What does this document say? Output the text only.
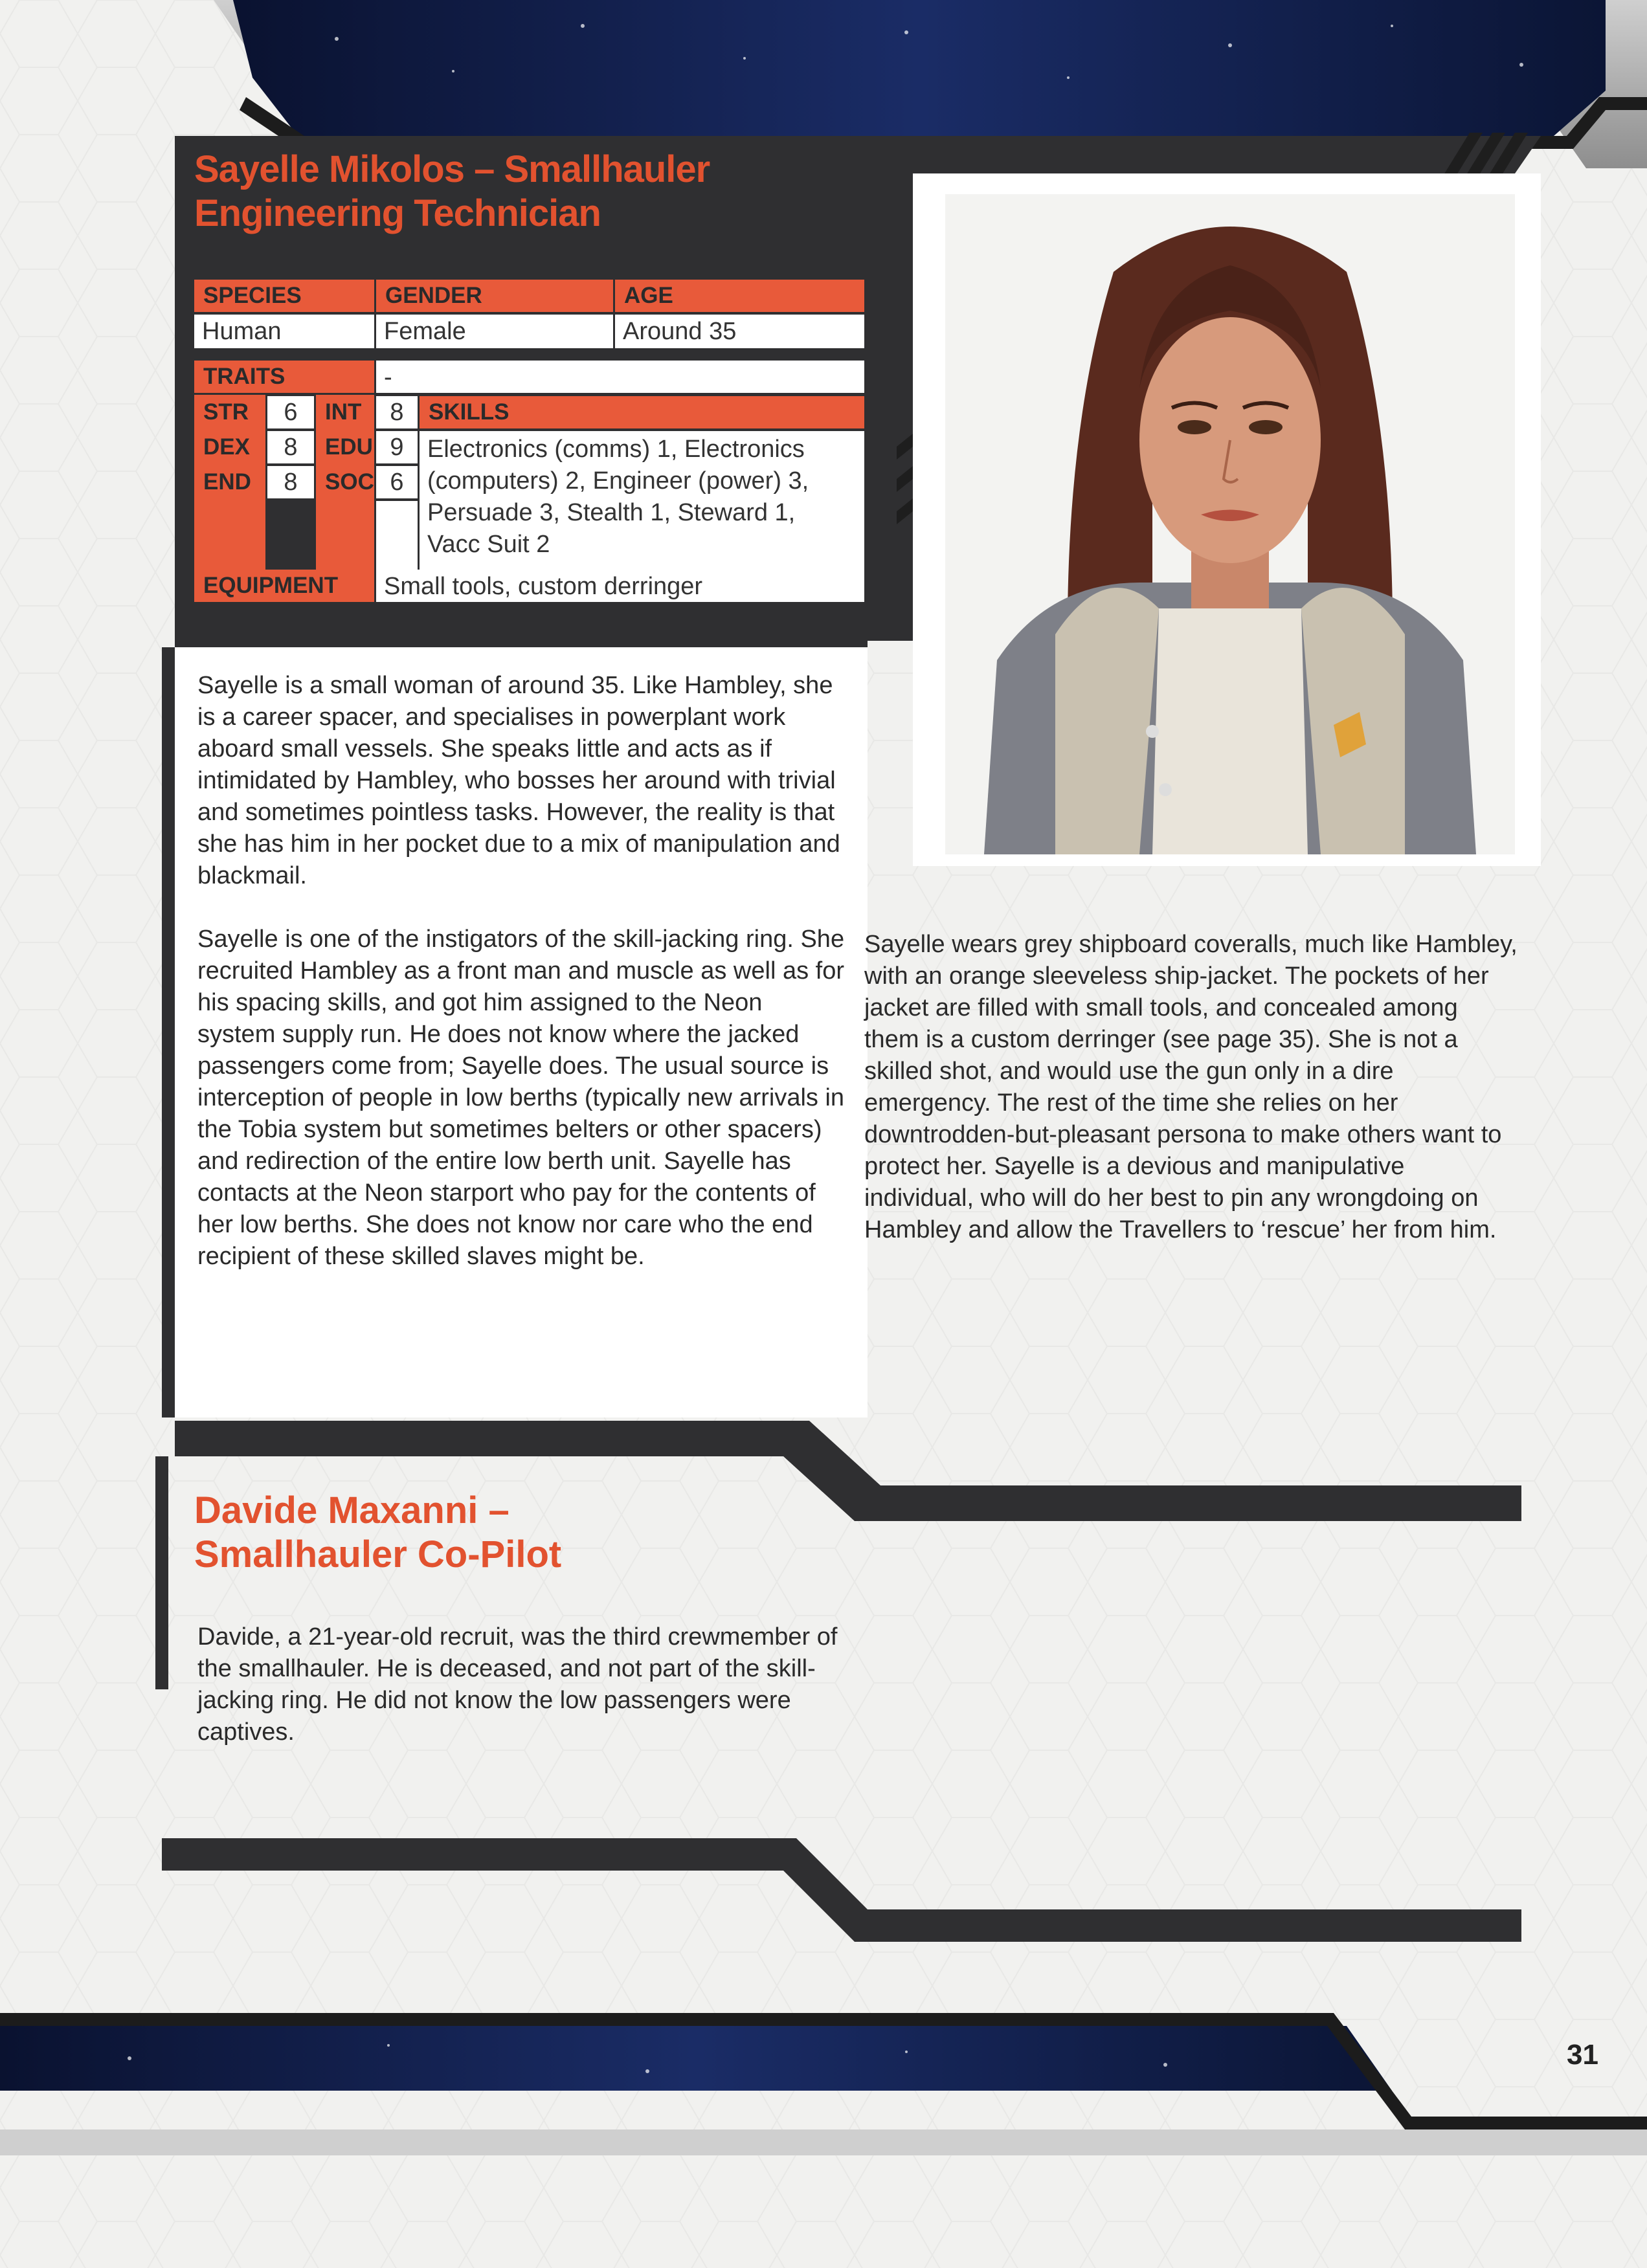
Sayelle Mikolos – Smallhauler
Engineering Technician
SPECIES	GENDER	AGE
Human	Female	Around 35
TRAITS	-
STR	6	INT	8
DEX	8	EDU 9
END	8	SOC 6
SKILLS
Electronics (comms) 1, Electronics
(computers) 2, Engineer (power) 3,
Persuade 3, Stealth 1, Steward 1,
Vacc Suit 2
EQUIPMENT	Small tools, custom derringer

Sayelle is a small woman of around 35. Like Hambley, she is a career spacer, and specialises in powerplant work aboard small vessels. She speaks little and acts as if intimidated by Hambley, who bosses her around with trivial and sometimes pointless tasks. However, the reality is that she has him in her pocket due to a mix of manipulation and blackmail.

Sayelle is one of the instigators of the skill-jacking ring. She recruited Hambley as a front man and muscle as well as for his spacing skills, and got him assigned to the Neon system supply run. He does not know where the jacked passengers come from; Sayelle does. The usual source is interception of people in low berths (typically new arrivals in the Tobia system but sometimes belters or other spacers) and redirection of the entire low berth unit. Sayelle has contacts at the Neon starport who pay for the contents of her low berths. She does not know nor care who the end recipient of these skilled slaves might be.

Sayelle wears grey shipboard coveralls, much like Hambley, with an orange sleeveless ship-jacket. The pockets of her jacket are filled with small tools, and concealed among them is a custom derringer (see page 35). She is not a skilled shot, and would use the gun only in a dire emergency. The rest of the time she relies on her downtrodden-but-pleasant persona to make others want to protect her. Sayelle is a devious and manipulative individual, who will do her best to pin any wrongdoing on Hambley and allow the Travellers to ‘rescue’ her from him.

Davide Maxanni –
Smallhauler Co-Pilot

Davide, a 21-year-old recruit, was the third crewmember of the smallhauler. He is deceased, and not part of the skill-jacking ring. He did not know the low passengers were captives.

31
